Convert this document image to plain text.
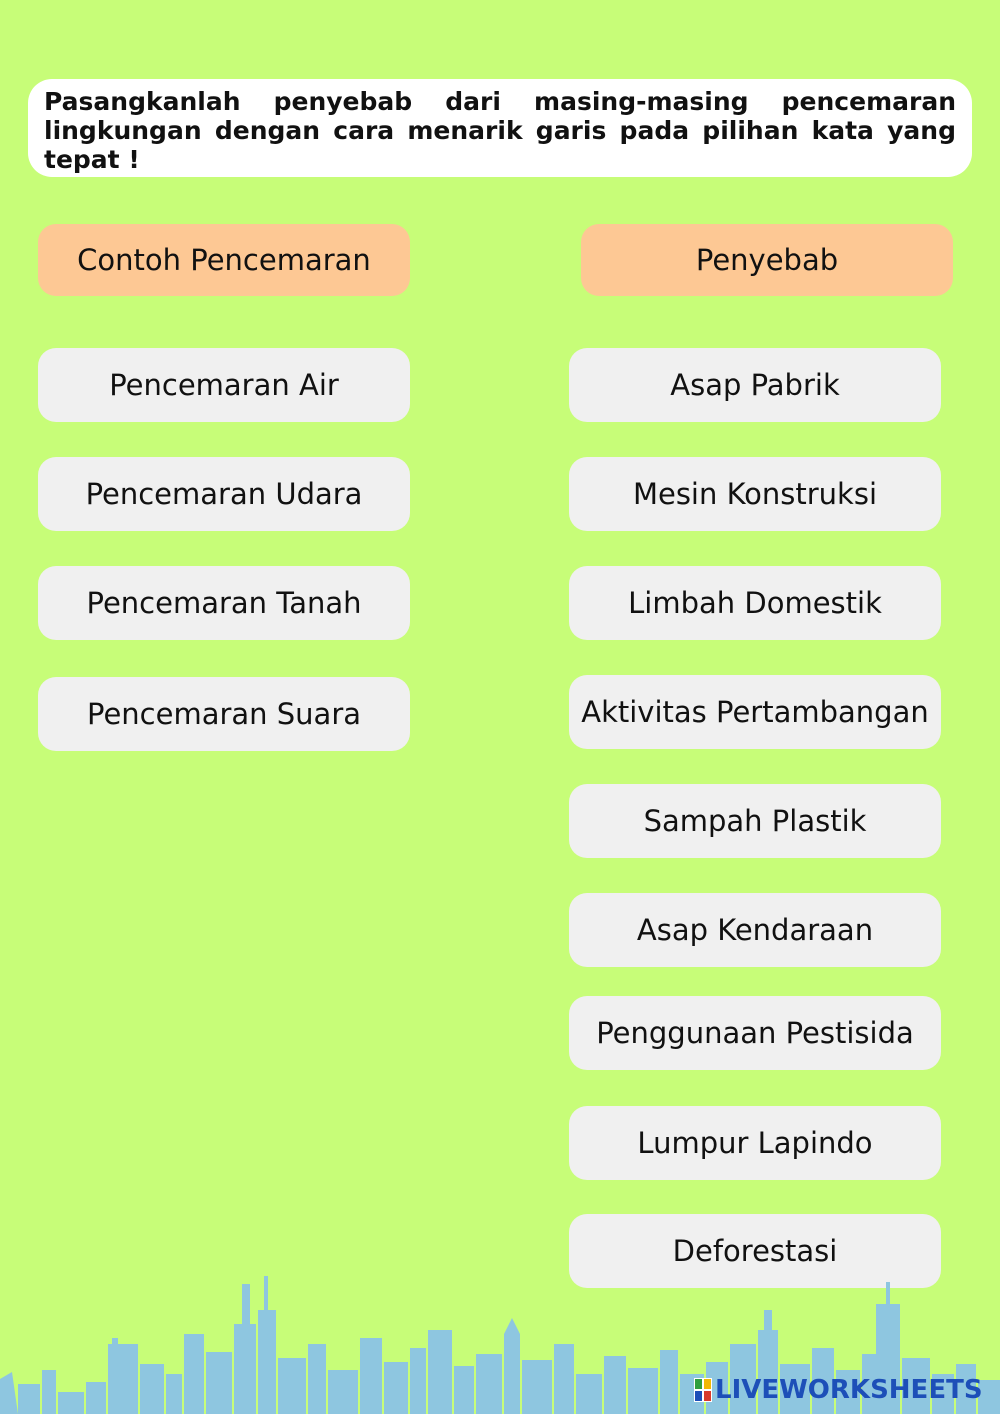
Pasangkanlah penyebab dari masing-masing pencemaran lingkungan dengan cara menarik garis pada pilihan kata yang tepat !

Contoh Pencemaran	Penyebab
Pencemaran Air
Pencemaran Udara
Pencemaran Tanah
Pencemaran Suara
Asap Pabrik
Mesin Konstruksi
Limbah Domestik
Aktivitas Pertambangan
Sampah Plastik
Asap Kendaraan
Penggunaan Pestisida
Lumpur Lapindo
Deforestasi
LIVEWORKSHEETS
